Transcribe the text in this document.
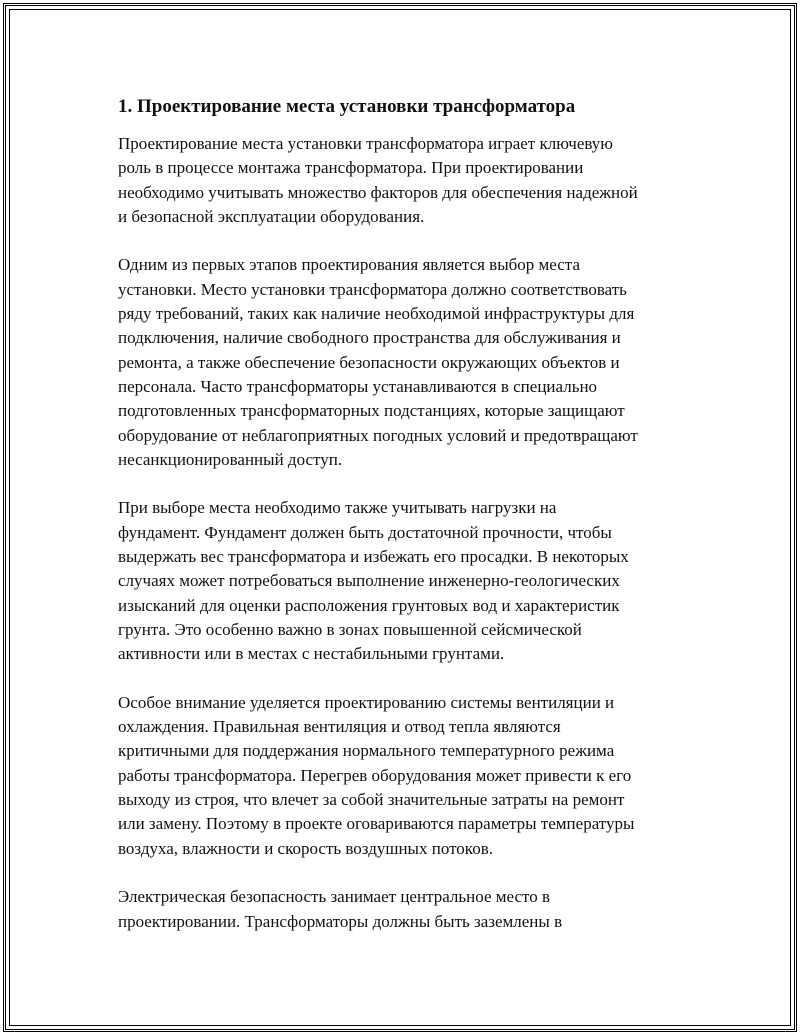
1. Проектирование места установки трансформатора

Проектирование места установки трансформатора играет ключевую
роль в процессе монтажа трансформатора. При проектировании
необходимо учитывать множество факторов для обеспечения надежной
и безопасной эксплуатации оборудования.

Одним из первых этапов проектирования является выбор места
установки. Место установки трансформатора должно соответствовать
ряду требований, таких как наличие необходимой инфраструктуры для
подключения, наличие свободного пространства для обслуживания и
ремонта, а также обеспечение безопасности окружающих объектов и
персонала. Часто трансформаторы устанавливаются в специально
подготовленных трансформаторных подстанциях, которые защищают
оборудование от неблагоприятных погодных условий и предотвращают
несанкционированный доступ.

При выборе места необходимо также учитывать нагрузки на
фундамент. Фундамент должен быть достаточной прочности, чтобы
выдержать вес трансформатора и избежать его просадки. В некоторых
случаях может потребоваться выполнение инженерно-геологических
изысканий для оценки расположения грунтовых вод и характеристик
грунта. Это особенно важно в зонах повышенной сейсмической
активности или в местах с нестабильными грунтами.

Особое внимание уделяется проектированию системы вентиляции и
охлаждения. Правильная вентиляция и отвод тепла являются
критичными для поддержания нормального температурного режима
работы трансформатора. Перегрев оборудования может привести к его
выходу из строя, что влечет за собой значительные затраты на ремонт
или замену. Поэтому в проекте оговариваются параметры температуры
воздуха, влажности и скорость воздушных потоков.

Электрическая безопасность занимает центральное место в
проектировании. Трансформаторы должны быть заземлены в
